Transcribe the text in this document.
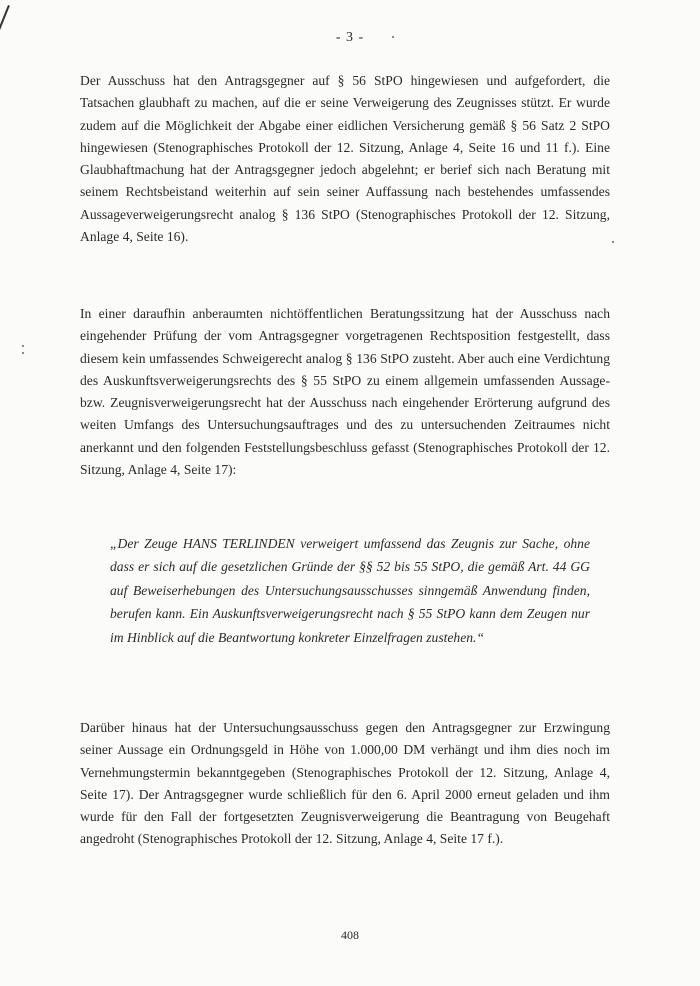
- 3 -

Der Ausschuss hat den Antragsgegner auf § 56 StPO hingewiesen und aufgefordert, die Tatsachen glaubhaft zu machen, auf die er seine Verweigerung des Zeugnisses stützt. Er wurde zudem auf die Möglichkeit der Abgabe einer eidlichen Versicherung gemäß § 56 Satz 2 StPO hingewiesen (Stenographisches Protokoll der 12. Sitzung, Anlage 4, Seite 16 und 11 f.). Eine Glaubhaftmachung hat der Antragsgegner jedoch abgelehnt; er berief sich nach Beratung mit seinem Rechtsbeistand weiterhin auf sein seiner Auffassung nach bestehendes umfassendes Aussageverweigerungsrecht analog § 136 StPO (Stenographisches Protokoll der 12. Sitzung, Anlage 4, Seite 16).

In einer daraufhin anberaumten nichtöffentlichen Beratungssitzung hat der Ausschuss nach eingehender Prüfung der vom Antragsgegner vorgetragenen Rechtsposition festgestellt, dass diesem kein umfassendes Schweigerecht analog § 136 StPO zusteht. Aber auch eine Verdichtung des Auskunftsverweigerungsrechts des § 55 StPO zu einem allgemein umfassenden Aussage- bzw. Zeugnisverweigerungsrecht hat der Ausschuss nach eingehender Erörterung aufgrund des weiten Umfangs des Untersuchungsauftrages und des zu untersuchenden Zeitraumes nicht anerkannt und den folgenden Feststellungsbeschluss gefasst (Stenographisches Protokoll der 12. Sitzung, Anlage 4, Seite 17):

„Der Zeuge HANS TERLINDEN verweigert umfassend das Zeugnis zur Sache, ohne dass er sich auf die gesetzlichen Gründe der §§ 52 bis 55 StPO, die gemäß Art. 44 GG auf Beweiserhebungen des Untersuchungsausschusses sinngemäß Anwendung finden, berufen kann. Ein Auskunftsverweigerungsrecht nach § 55 StPO kann dem Zeugen nur im Hinblick auf die Beantwortung konkreter Einzelfragen zustehen.“

Darüber hinaus hat der Untersuchungsausschuss gegen den Antragsgegner zur Erzwingung seiner Aussage ein Ordnungsgeld in Höhe von 1.000,00 DM verhängt und ihm dies noch im Vernehmungstermin bekanntgegeben (Stenographisches Protokoll der 12. Sitzung, Anlage 4, Seite 17). Der Antragsgegner wurde schließlich für den 6. April 2000 erneut geladen und ihm wurde für den Fall der fortgesetzten Zeugnisverweigerung die Beantragung von Beugehaft angedroht (Stenographisches Protokoll der 12. Sitzung, Anlage 4, Seite 17 f.).

408
